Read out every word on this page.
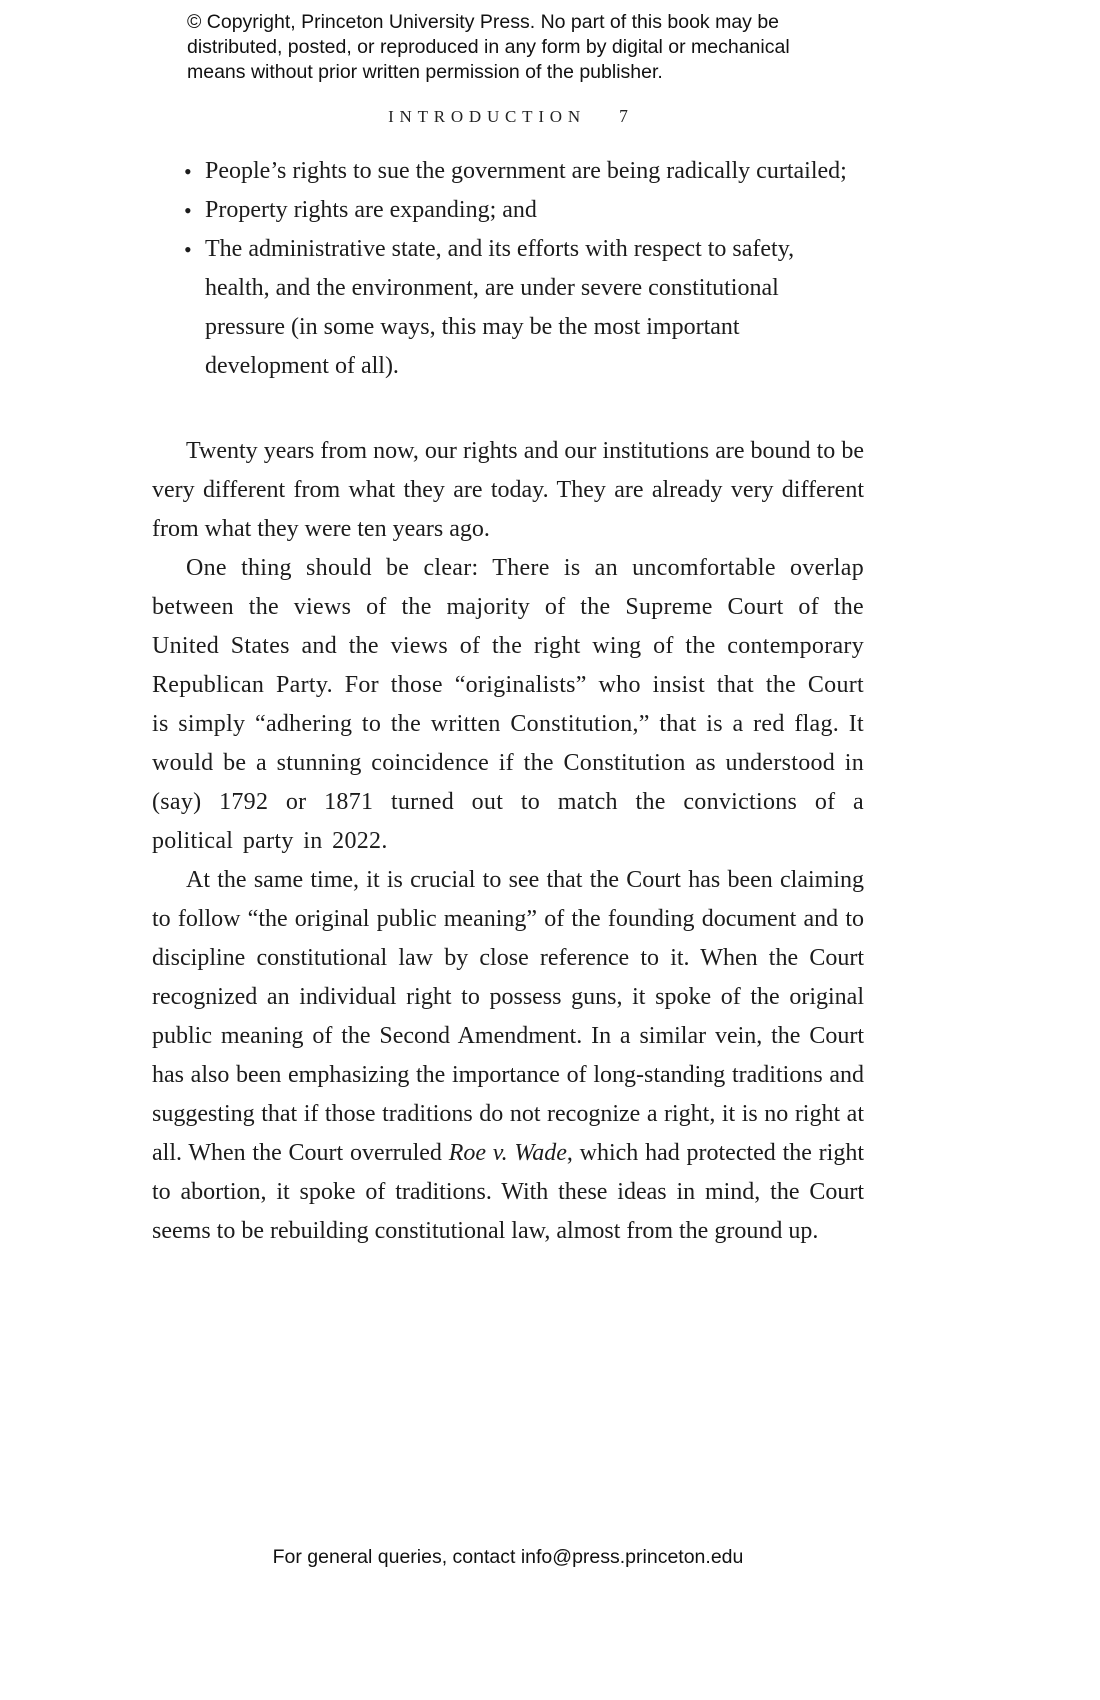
© Copyright, Princeton University Press. No part of this book may be distributed, posted, or reproduced in any form by digital or mechanical means without prior written permission of the publisher.
INTRODUCTION 7
• People’s rights to sue the government are being radically curtailed;
• Property rights are expanding; and
• The administrative state, and its efforts with respect to safety, health, and the environment, are under severe constitutional pressure (in some ways, this may be the most important development of all).

Twenty years from now, our rights and our institutions are bound to be very different from what they are today. They are already very different from what they were ten years ago.

One thing should be clear: There is an uncomfortable overlap between the views of the majority of the Supreme Court of the United States and the views of the right wing of the contemporary Republican Party. For those “originalists” who insist that the Court is simply “adhering to the written Constitution,” that is a red flag. It would be a stunning coincidence if the Constitution as understood in (say) 1792 or 1871 turned out to match the convictions of a political party in 2022.

At the same time, it is crucial to see that the Court has been claiming to follow “the original public meaning” of the founding document and to discipline constitutional law by close reference to it. When the Court recognized an individual right to possess guns, it spoke of the original public meaning of the Second Amendment. In a similar vein, the Court has also been emphasizing the importance of long-standing traditions and suggesting that if those traditions do not recognize a right, it is no right at all. When the Court overruled Roe v. Wade, which had protected the right to abortion, it spoke of traditions. With these ideas in mind, the Court seems to be rebuilding constitutional law, almost from the ground up.

For general queries, contact info@press.princeton.edu
